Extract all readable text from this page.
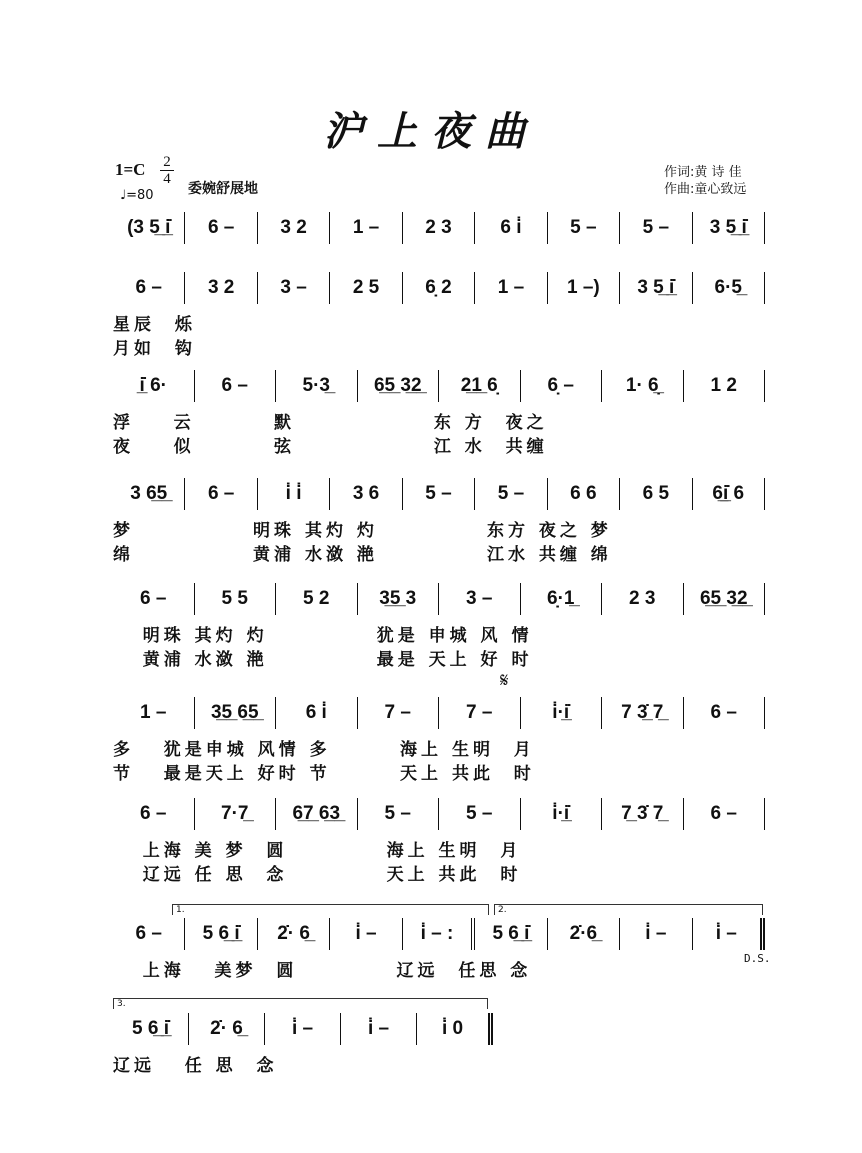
沪上夜曲
$1=C \frac{2}{4}$
♩=80 委婉舒展地
作词:黄 诗 佳
作曲:童心致远
(3 5̲ i̲̇	6 –	3 2	1 –	2 3	6 i̇	5 –	5 –	3 5̲ i̲̇
6 –	3 2	3 –	2 5	6̣ 2	1 –	1 –)	3 5̲ i̲̇	6·5̲
星辰  烁
月如  钩
i̲̇ 6·	6 –	5·3̲	6̲5̲ 3̲2̲	2̲1̲ 6̣	6̣ –	1· 6̣̲	1 2
浮    云        默              东 方  夜之
夜    似        弦              江 水  共缠
3 6̲5̲	6 –	i̇ i̇	3 6	5 –	5 –	6 6	6 5	6̲i̲̇ 6
梦            明珠 其灼 灼           东方 夜之 梦
绵            黄浦 水潋 滟           江水 共缠 绵
6 –	5 5	5 2	3̲5̲ 3	3 –	6̣·1̲	2 3	6̲5̲ 3̲2̲
明珠 其灼 灼           犹是 申城 风 情
黄浦 水潋 滟           最是 天上 好 时
1 –	3̲5̲ 6̲5̲	6 i̇	7 –	7 –	i̇·i̲̇	7 3̲̇ 7̲	6 –
多   犹是申城 风情 多       海上 生明  月
节   最是天上 好时 节       天上 共此  时
6 –	7·7̲	6̲7̲ 6̲3̲	5 –	5 –	i̇·i̲̇	7̲ 3̇ 7̲	6 –
上海 美 梦  圆          海上 生明  月
辽远 任 思  念          天上 共此  时
6 –	5 6̲ i̲̇	2̇· 6̲	i̇ –	i̇ – :	5 6̲ i̲̇	2̇·6̲	i̇ –	i̇ –
上海   美梦  圆          辽远  任思 念
5 6̲ i̲̇	2̇· 6̲	i̇ –	i̇ –	i̇ 0
辽远   任 思  念
𝄋
1.	2.
3.
D.S.
